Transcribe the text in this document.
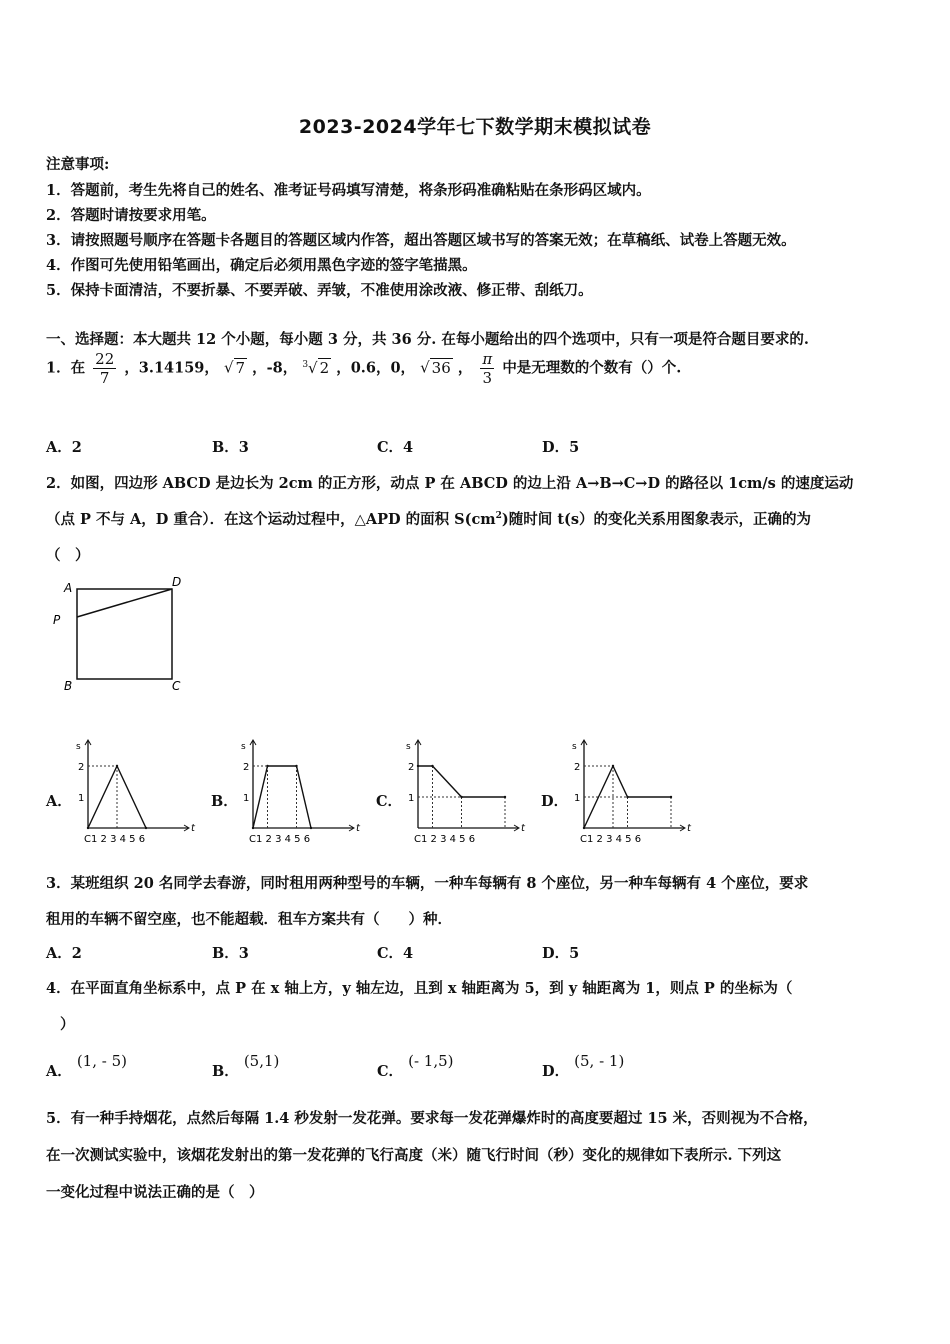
2023-2024学年七下数学期末模拟试卷
注意事项:
1．答题前，考生先将自己的姓名、准考证号码填写清楚，将条形码准确粘贴在条形码区域内。
2．答题时请按要求用笔。
3．请按照题号顺序在答题卡各题目的答题区域内作答，超出答题区域书写的答案无效；在草稿纸、试卷上答题无效。
4．作图可先使用铅笔画出，确定后必须用黑色字迹的签字笔描黑。
5．保持卡面清洁，不要折暴、不要弄破、弄皱，不准使用涂改液、修正带、刮纸刀。
一、选择题：本大题共 12 个小题，每小题 3 分，共 36 分. 在每小题给出的四个选项中，只有一项是符合题目要求的.
1．在 $\frac{22}{7}$ ，3.14159， √ 7 ，-8， $^3$√ 2 ，0.6，0， √ 36 ， $\frac{\pi}{3}$ 中是无理数的个数有（）个.
A．2	B．3	C．4	D．5
2．如图，四边形 ABCD 是边长为 2cm 的正方形，动点 P 在 ABCD 的边上沿 A→B→C→D 的路径以 1cm/s 的速度运动
（点 P 不与 A，D 重合）．在这个运动过程中，△APD 的面积 $S(cm^2)$随时间 t(s）的变化关系用图象表示，正确的为
（　）
A	D
P
B	C
A．	B．	C．	D．
s
t
2
1
C1 2 3 4 5 6
s
t
2
1
C1 2 3 4 5 6
s
t
2
1
C1 2 3 4 5 6
s
t
2
1
C1 2 3 4 5 6
3．某班组织 20 名同学去春游，同时租用两种型号的车辆，一种车每辆有 8 个座位，另一种车每辆有 4 个座位，要求
租用的车辆不留空座，也不能超载．租车方案共有（　　）种．
A．2	B．3	C．4	D．5
4．在平面直角坐标系中，点 P 在 x 轴上方，y 轴左边，且到 x 轴距离为 5，到 y 轴距离为 1，则点 P 的坐标为（
）
A． (1, - 5)
B． (5,1)
C． (- 1,5)
D． (5, - 1)
5．有一种手持烟花，点然后每隔 1.4 秒发射一发花弹。要求每一发花弹爆炸时的高度要超过 15 米，否则视为不合格，
在一次测试实验中，该烟花发射出的第一发花弹的飞行高度（米）随飞行时间（秒）变化的规律如下表所示. 下列这
一变化过程中说法正确的是（　）
